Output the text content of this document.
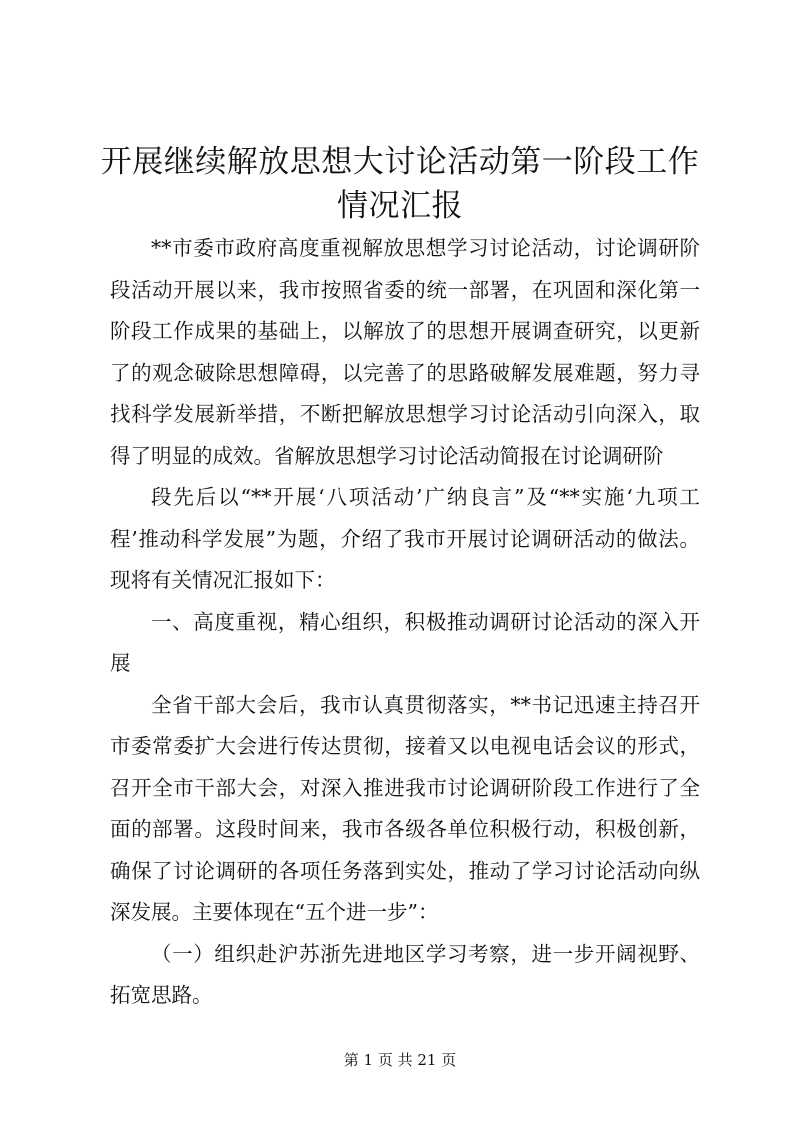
开展继续解放思想大讨论活动第一阶段工作情况汇报

**市委市政府高度重视解放思想学习讨论活动，讨论调研阶段活动开展以来，我市按照省委的统一部署，在巩固和深化第一阶段工作成果的基础上，以解放了的思想开展调查研究，以更新了的观念破除思想障碍，以完善了的思路破解发展难题，努力寻找科学发展新举措，不断把解放思想学习讨论活动引向深入，取得了明显的成效。省解放思想学习讨论活动简报在讨论调研阶

段先后以“**开展‘八项活动’广纳良言”及“**实施‘九项工程’推动科学发展”为题，介绍了我市开展讨论调研活动的做法。现将有关情况汇报如下：

一、高度重视，精心组织，积极推动调研讨论活动的深入开展

全省干部大会后，我市认真贯彻落实，**书记迅速主持召开市委常委扩大会进行传达贯彻，接着又以电视电话会议的形式，召开全市干部大会，对深入推进我市讨论调研阶段工作进行了全面的部署。这段时间来，我市各级各单位积极行动，积极创新，确保了讨论调研的各项任务落到实处，推动了学习讨论活动向纵深发展。主要体现在“五个进一步”：

（一）组织赴沪苏浙先进地区学习考察，进一步开阔视野、拓宽思路。

第 1 页 共 21 页
